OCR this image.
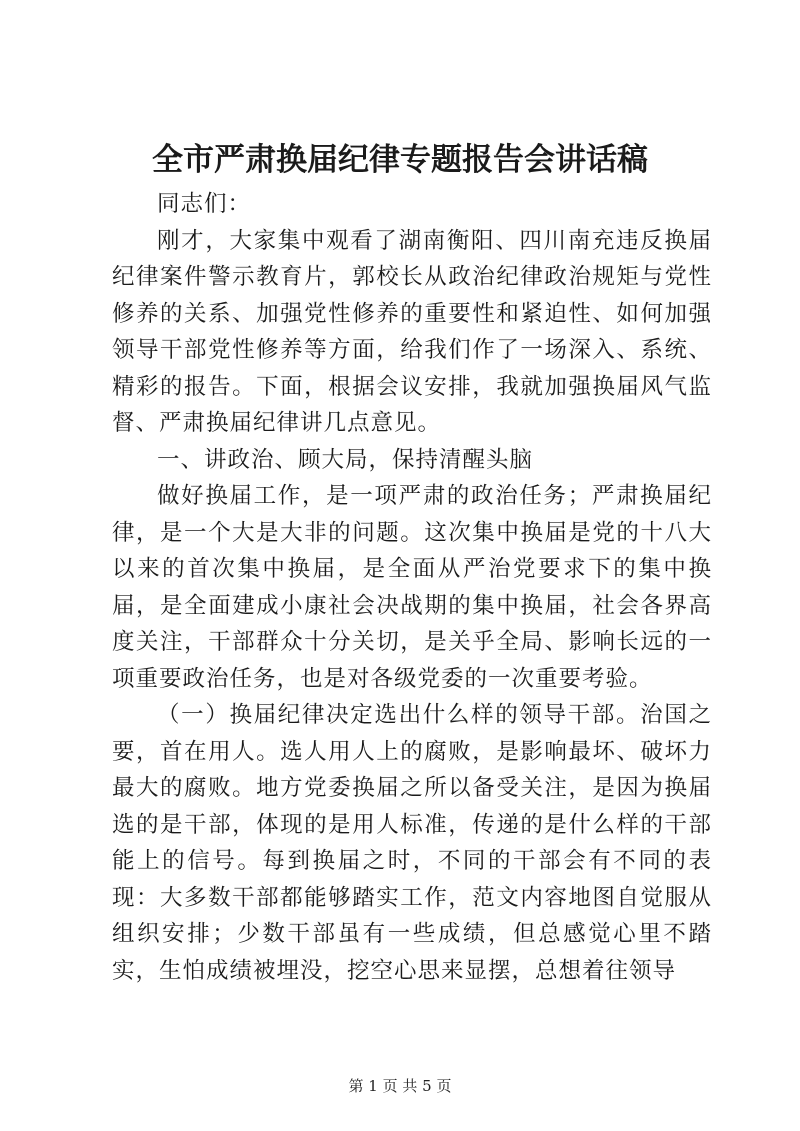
全市严肃换届纪律专题报告会讲话稿

同志们：

刚才，大家集中观看了湖南衡阳、四川南充违反换届纪律案件警示教育片，郭校长从政治纪律政治规矩与党性修养的关系、加强党性修养的重要性和紧迫性、如何加强领导干部党性修养等方面，给我们作了一场深入、系统、精彩的报告。下面，根据会议安排，我就加强换届风气监督、严肃换届纪律讲几点意见。

一、讲政治、顾大局，保持清醒头脑

做好换届工作，是一项严肃的政治任务；严肃换届纪律，是一个大是大非的问题。这次集中换届是党的十八大以来的首次集中换届，是全面从严治党要求下的集中换届，是全面建成小康社会决战期的集中换届，社会各界高度关注，干部群众十分关切，是关乎全局、影响长远的一项重要政治任务，也是对各级党委的一次重要考验。

（一）换届纪律决定选出什么样的领导干部。治国之要，首在用人。选人用人上的腐败，是影响最坏、破坏力最大的腐败。地方党委换届之所以备受关注，是因为换届选的是干部，体现的是用人标准，传递的是什么样的干部能上的信号。每到换届之时，不同的干部会有不同的表现：大多数干部都能够踏实工作，范文内容地图自觉服从组织安排；少数干部虽有一些成绩，但总感觉心里不踏实，生怕成绩被埋没，挖空心思来显摆，总想着往领导

第 1 页 共 5 页
